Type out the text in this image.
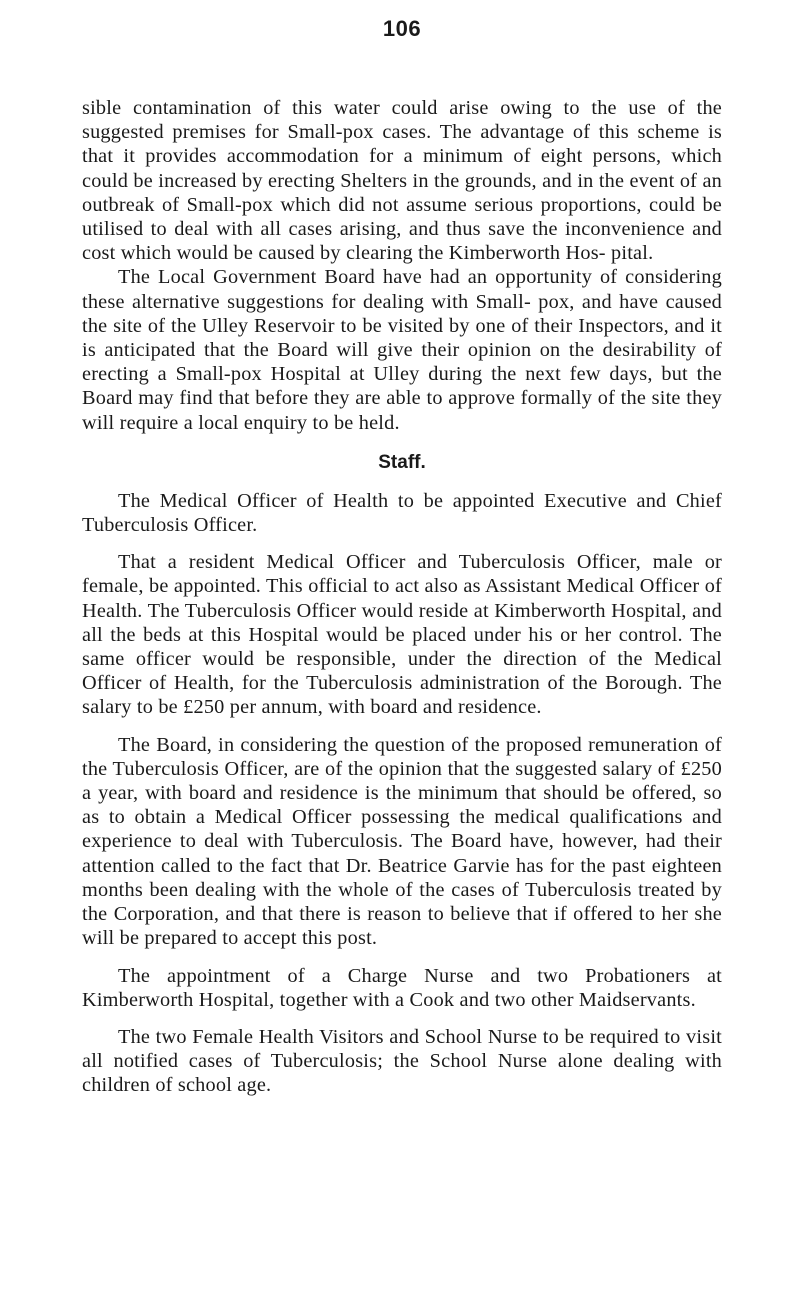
106

sible contamination of this water could arise owing to the use of the suggested premises for Small-pox cases. The advantage of this scheme is that it provides accommodation for a minimum of eight persons, which could be increased by erecting Shelters in the grounds, and in the event of an outbreak of Small-pox which did not assume serious proportions, could be utilised to deal with all cases arising, and thus save the inconvenience and cost which would be caused by clearing the Kimberworth Hos- pital.

The Local Government Board have had an opportunity of considering these alternative suggestions for dealing with Small- pox, and have caused the site of the Ulley Reservoir to be visited by one of their Inspectors, and it is anticipated that the Board will give their opinion on the desirability of erecting a Small-pox Hospital at Ulley during the next few days, but the Board may find that before they are able to approve formally of the site they will require a local enquiry to be held.

Staff.

The Medical Officer of Health to be appointed Executive and Chief Tuberculosis Officer.

That a resident Medical Officer and Tuberculosis Officer, male or female, be appointed. This official to act also as Assistant Medical Officer of Health. The Tuberculosis Officer would reside at Kimberworth Hospital, and all the beds at this Hospital would be placed under his or her control. The same officer would be responsible, under the direction of the Medical Officer of Health, for the Tuberculosis administration of the Borough. The salary to be £250 per annum, with board and residence.

The Board, in considering the question of the proposed remuneration of the Tuberculosis Officer, are of the opinion that the suggested salary of £250 a year, with board and residence is the minimum that should be offered, so as to obtain a Medical Officer possessing the medical qualifications and experience to deal with Tuberculosis. The Board have, however, had their attention called to the fact that Dr. Beatrice Garvie has for the past eighteen months been dealing with the whole of the cases of Tuberculosis treated by the Corporation, and that there is reason to believe that if offered to her she will be prepared to accept this post.

The appointment of a Charge Nurse and two Probationers at Kimberworth Hospital, together with a Cook and two other Maidservants.

The two Female Health Visitors and School Nurse to be required to visit all notified cases of Tuberculosis; the School Nurse alone dealing with children of school age.
